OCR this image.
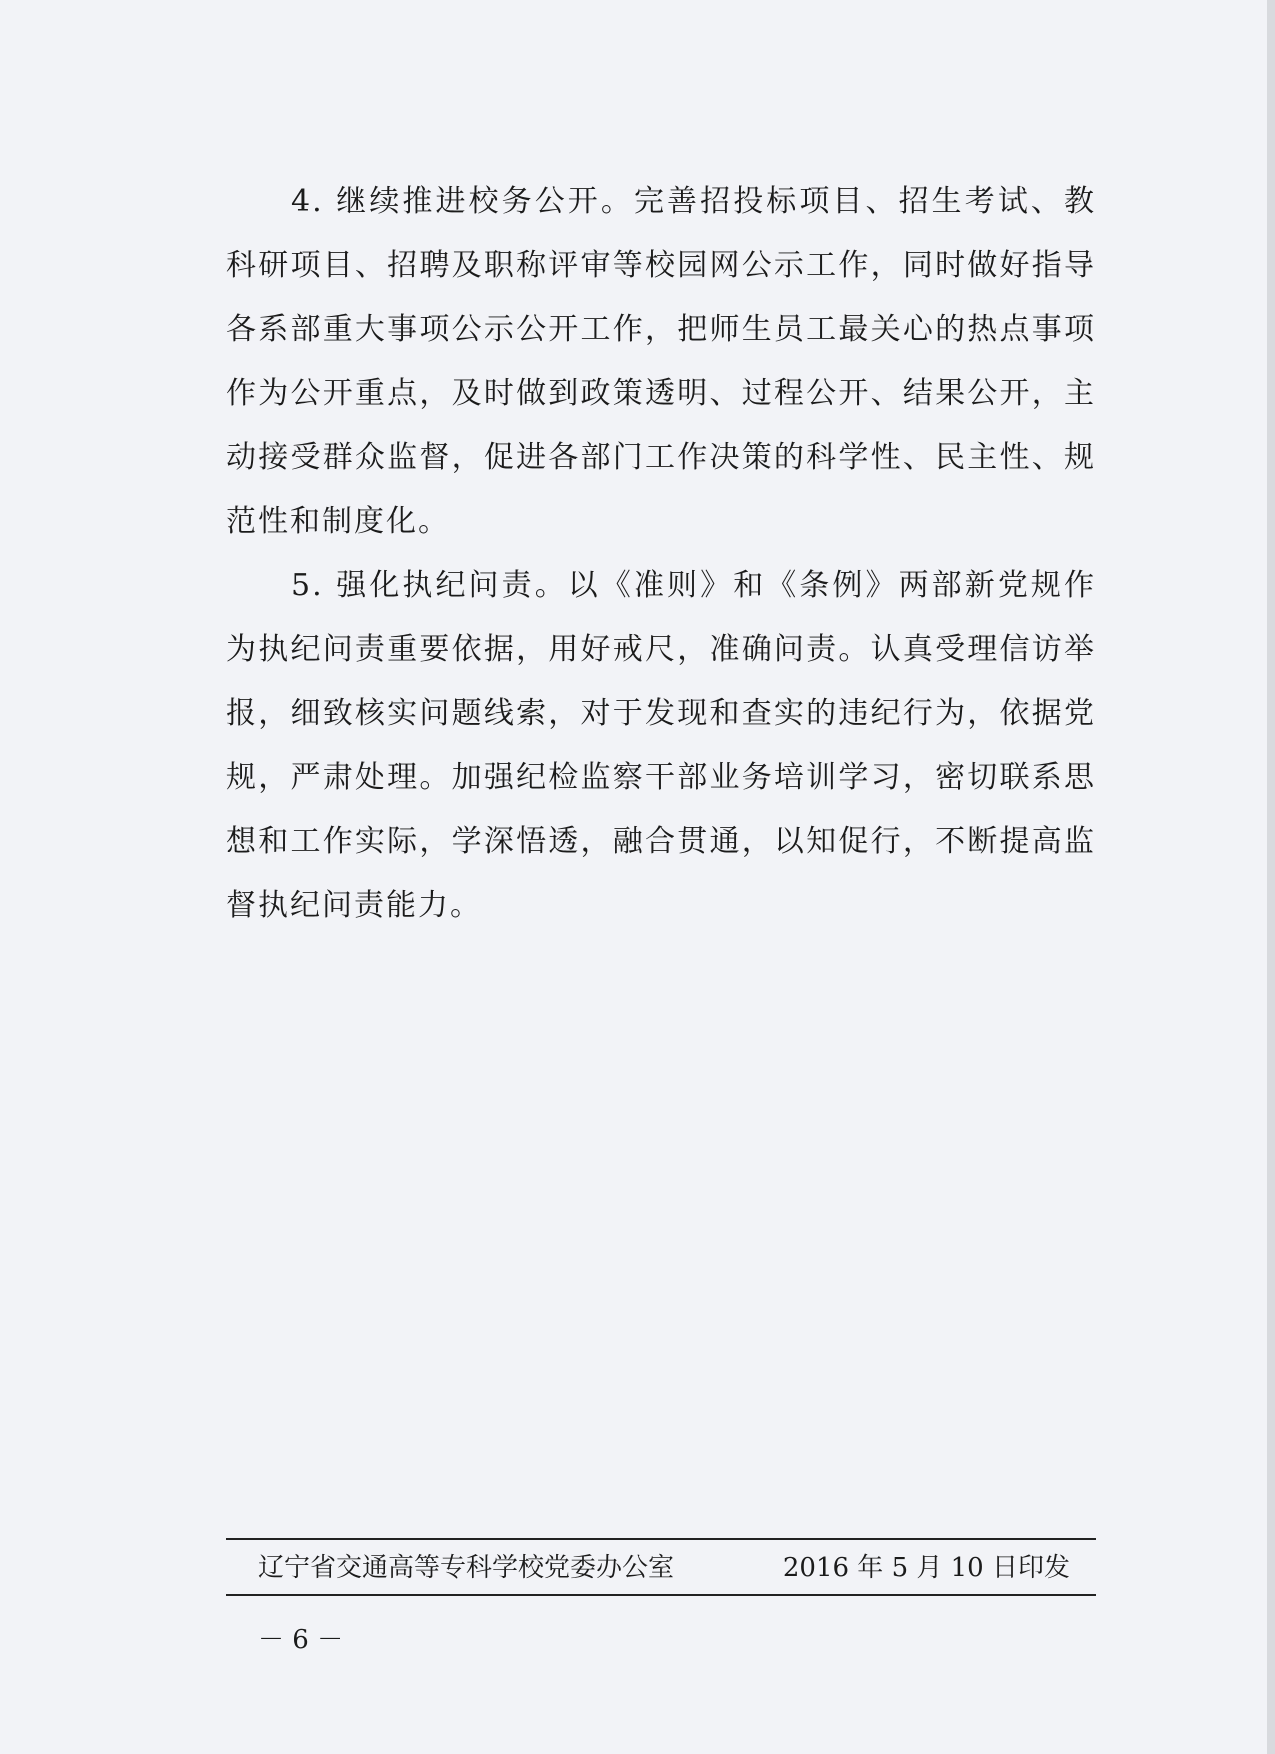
4. 继续推进校务公开。完善招投标项目、招生考试、教科研项目、招聘及职称评审等校园网公示工作，同时做好指导各系部重大事项公示公开工作，把师生员工最关心的热点事项作为公开重点，及时做到政策透明、过程公开、结果公开，主动接受群众监督，促进各部门工作决策的科学性、民主性、规范性和制度化。

5. 强化执纪问责。以《准则》和《条例》两部新党规作为执纪问责重要依据，用好戒尺，准确问责。认真受理信访举报，细致核实问题线索，对于发现和查实的违纪行为，依据党规，严肃处理。加强纪检监察干部业务培训学习，密切联系思想和工作实际，学深悟透，融合贯通，以知促行，不断提高监督执纪问责能力。

辽宁省交通高等专科学校党委办公室	2016 年 5 月 10 日印发
－ 6 －
